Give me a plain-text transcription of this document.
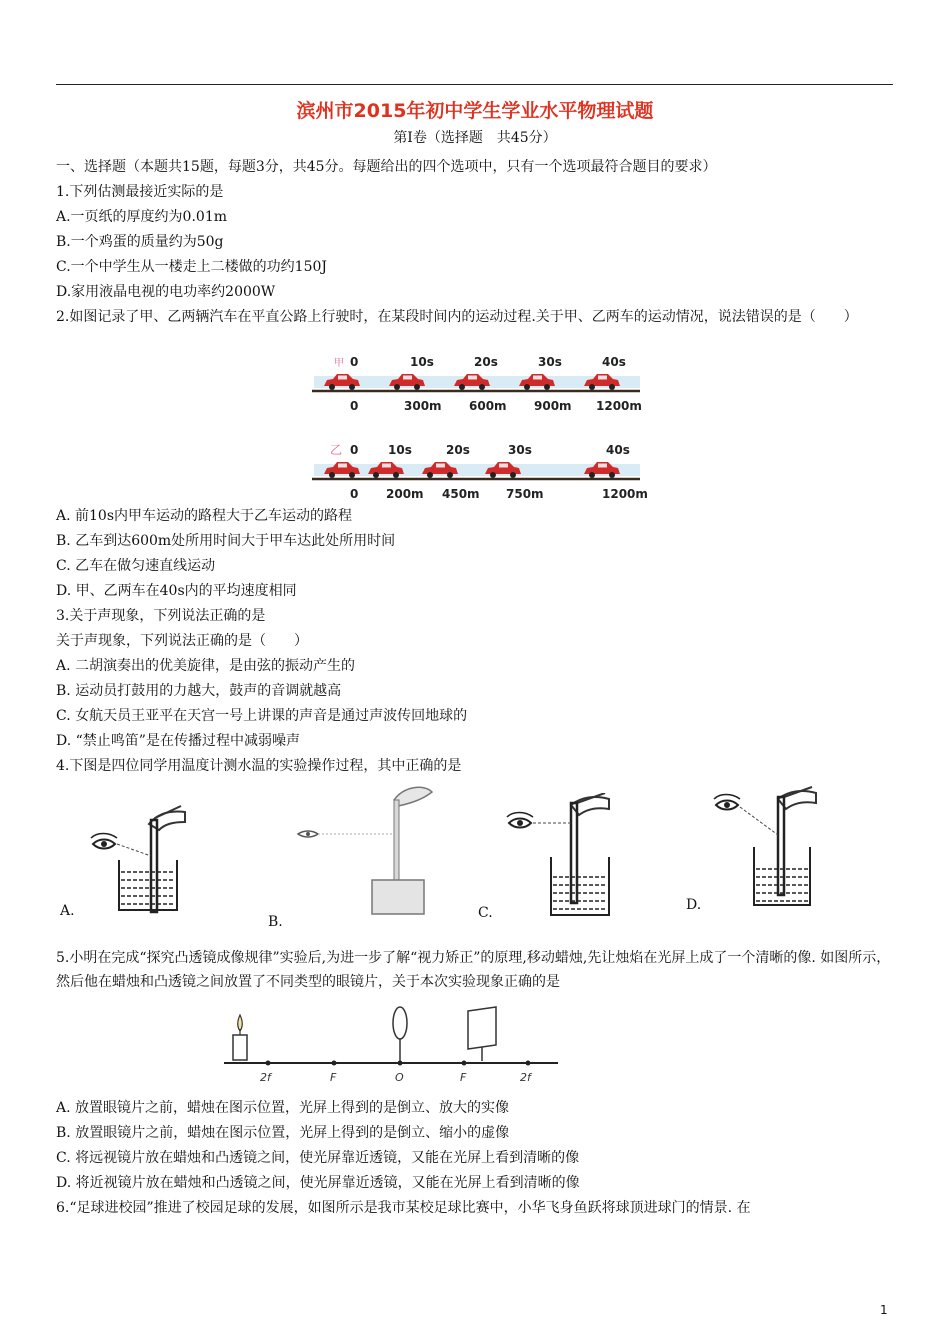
滨州市2015年初中学生学业水平物理试题
第Ⅰ卷（选择题　共45分）
一、选择题（本题共15题，每题3分，共45分。每题给出的四个选项中，只有一个选项最符合题目的要求）
1.下列估测最接近实际的是
A.一页纸的厚度约为0.01m
B.一个鸡蛋的质量约为50g
C.一个中学生从一楼走上二楼做的功约150J
D.家用液晶电视的电功率约2000W
2.如图记录了甲、乙两辆汽车在平直公路上行驶时，在某段时间内的运动过程.关于甲、乙两车的运动情况，说法错误的是（　　）
甲 0	10s	20s	30s	40s
0	300m 600m 900m 1200m
乙 0 10s	20s	30s	40s
0 200m 450m 750m	1200m
A. 前10s内甲车运动的路程大于乙车运动的路程
B. 乙车到达600m处所用时间大于甲车达此处所用时间
C. 乙车在做匀速直线运动
D. 甲、乙两车在40s内的平均速度相同
3.关于声现象，下列说法正确的是
关于声现象，下列说法正确的是（　　）
A. 二胡演奏出的优美旋律，是由弦的振动产生的
B. 运动员打鼓用的力越大，鼓声的音调就越高
C. 女航天员王亚平在天宫一号上讲课的声音是通过声波传回地球的
D. “禁止鸣笛”是在传播过程中减弱噪声
4.下图是四位同学用温度计测水温的实验操作过程，其中正确的是
A.
B.
C.	D.
5.小明在完成“探究凸透镜成像规律”实验后,为进一步了解“视力矫正”的原理,移动蜡烛,先让烛焰在光屏上成了一个清晰的像. 如图所示，然后他在蜡烛和凸透镜之间放置了不同类型的眼镜片，关于本次实验现象正确的是
2f	F	O	F	2f
A. 放置眼镜片之前，蜡烛在图示位置，光屏上得到的是倒立、放大的实像
B. 放置眼镜片之前，蜡烛在图示位置，光屏上得到的是倒立、缩小的虚像
C. 将远视镜片放在蜡烛和凸透镜之间，使光屏靠近透镜，又能在光屏上看到清晰的像
D. 将近视镜片放在蜡烛和凸透镜之间，使光屏靠近透镜，又能在光屏上看到清晰的像
6.“足球进校园”推进了校园足球的发展，如图所示是我市某校足球比赛中，小华飞身鱼跃将球顶进球门的情景. 在
1
